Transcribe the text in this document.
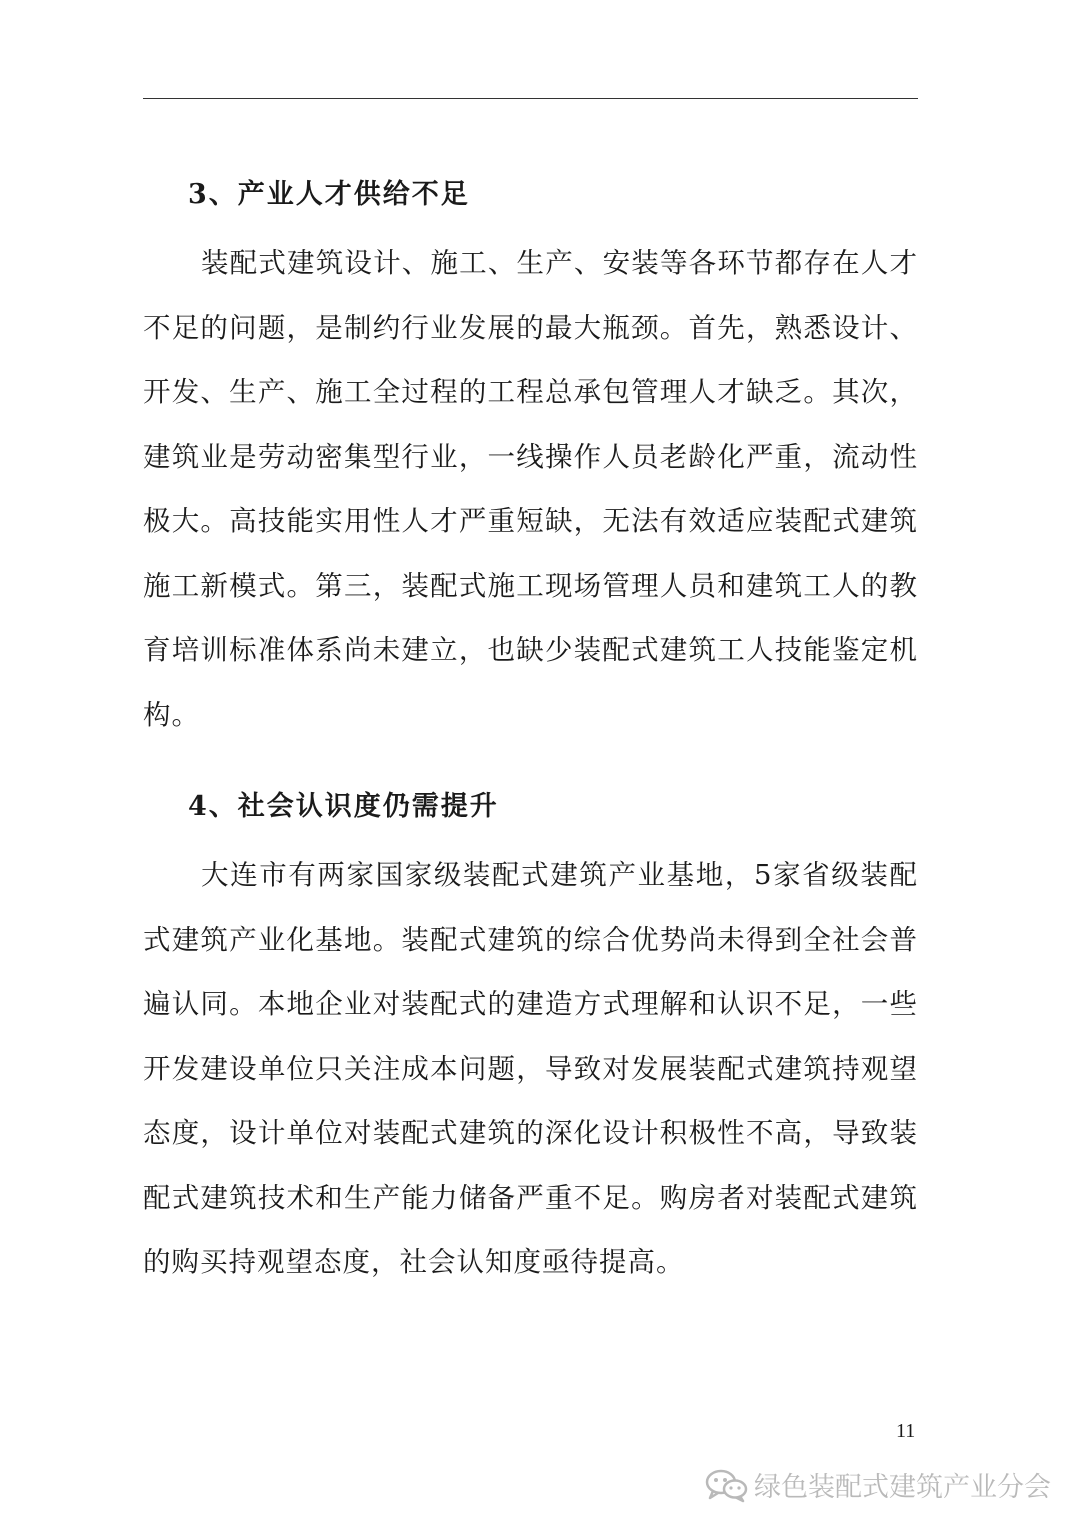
3、产业人才供给不足

装配式建筑设计、施工、生产、安装等各环节都存在人才不足的问题，是制约行业发展的最大瓶颈。首先，熟悉设计、开发、生产、施工全过程的工程总承包管理人才缺乏。其次，建筑业是劳动密集型行业，一线操作人员老龄化严重，流动性极大。高技能实用性人才严重短缺，无法有效适应装配式建筑施工新模式。第三，装配式施工现场管理人员和建筑工人的教育培训标准体系尚未建立，也缺少装配式建筑工人技能鉴定机构。

4、社会认识度仍需提升

大连市有两家国家级装配式建筑产业基地，5家省级装配式建筑产业化基地。装配式建筑的综合优势尚未得到全社会普遍认同。本地企业对装配式的建造方式理解和认识不足，一些开发建设单位只关注成本问题，导致对发展装配式建筑持观望态度，设计单位对装配式建筑的深化设计积极性不高，导致装配式建筑技术和生产能力储备严重不足。购房者对装配式建筑的购买持观望态度，社会认知度亟待提高。

11
绿色装配式建筑产业分会
